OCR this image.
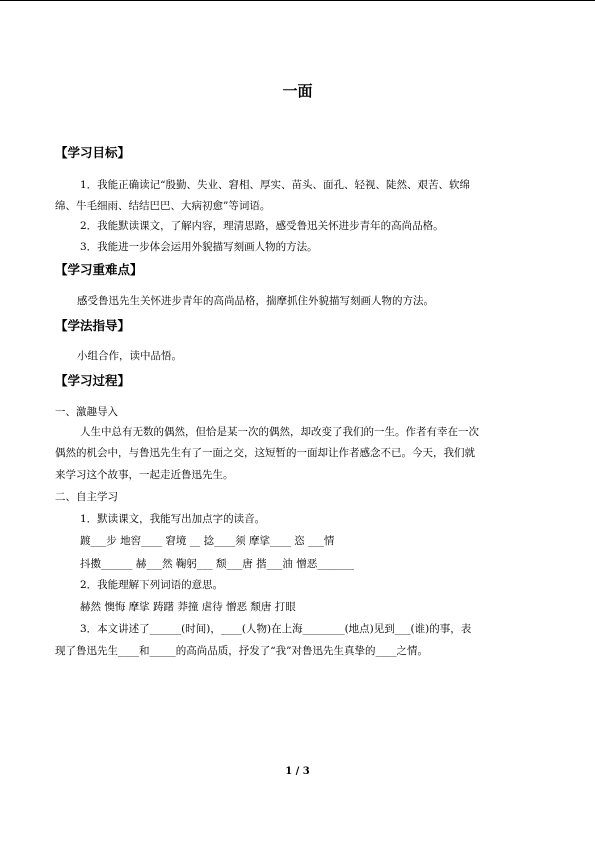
一面
【学习目标】
1．我能正确读记“殷勤、失业、窘相、厚实、苗头、面孔、轻视、陡然、艰苦、软绵
绵、牛毛细雨、结结巴巴、大病初愈”等词语。
2．我能默读课文，了解内容，理清思路，感受鲁迅关怀进步青年的高尚品格。
3．我能进一步体会运用外貌描写刻画人物的方法。
【学习重难点】
感受鲁迅先生关怀进步青年的高尚品格，揣摩抓住外貌描写刻画人物的方法。
【学法指导】
小组合作，读中品悟。
【学习过程】
一、激趣导入
人生中总有无数的偶然，但恰是某一次的偶然，却改变了我们的一生。作者有幸在一次
偶然的机会中，与鲁迅先生有了一面之交，这短暂的一面却让作者感念不已。今天，我们就
来学习这个故事，一起走近鲁迅先生。
二、自主学习
1．默读课文，我能写出加点字的读音。
踱___步 地窖____ 窘境 __ 捻____须 摩挲____ 恣 ___情
抖擞______ 赫___然 鞠躬___ 颓___唐 揩___油 憎恶_______
2．我能理解下列词语的意思。
赫然 懊悔 摩挲 踌躇 莽撞 虐待 憎恶 颓唐 打眼
3．本文讲述了______(时间)，____(人物)在上海________(地点)见到___(谁)的事，表
现了鲁迅先生____和_____的高尚品质，抒发了“我”对鲁迅先生真挚的____之情。
1 / 3
